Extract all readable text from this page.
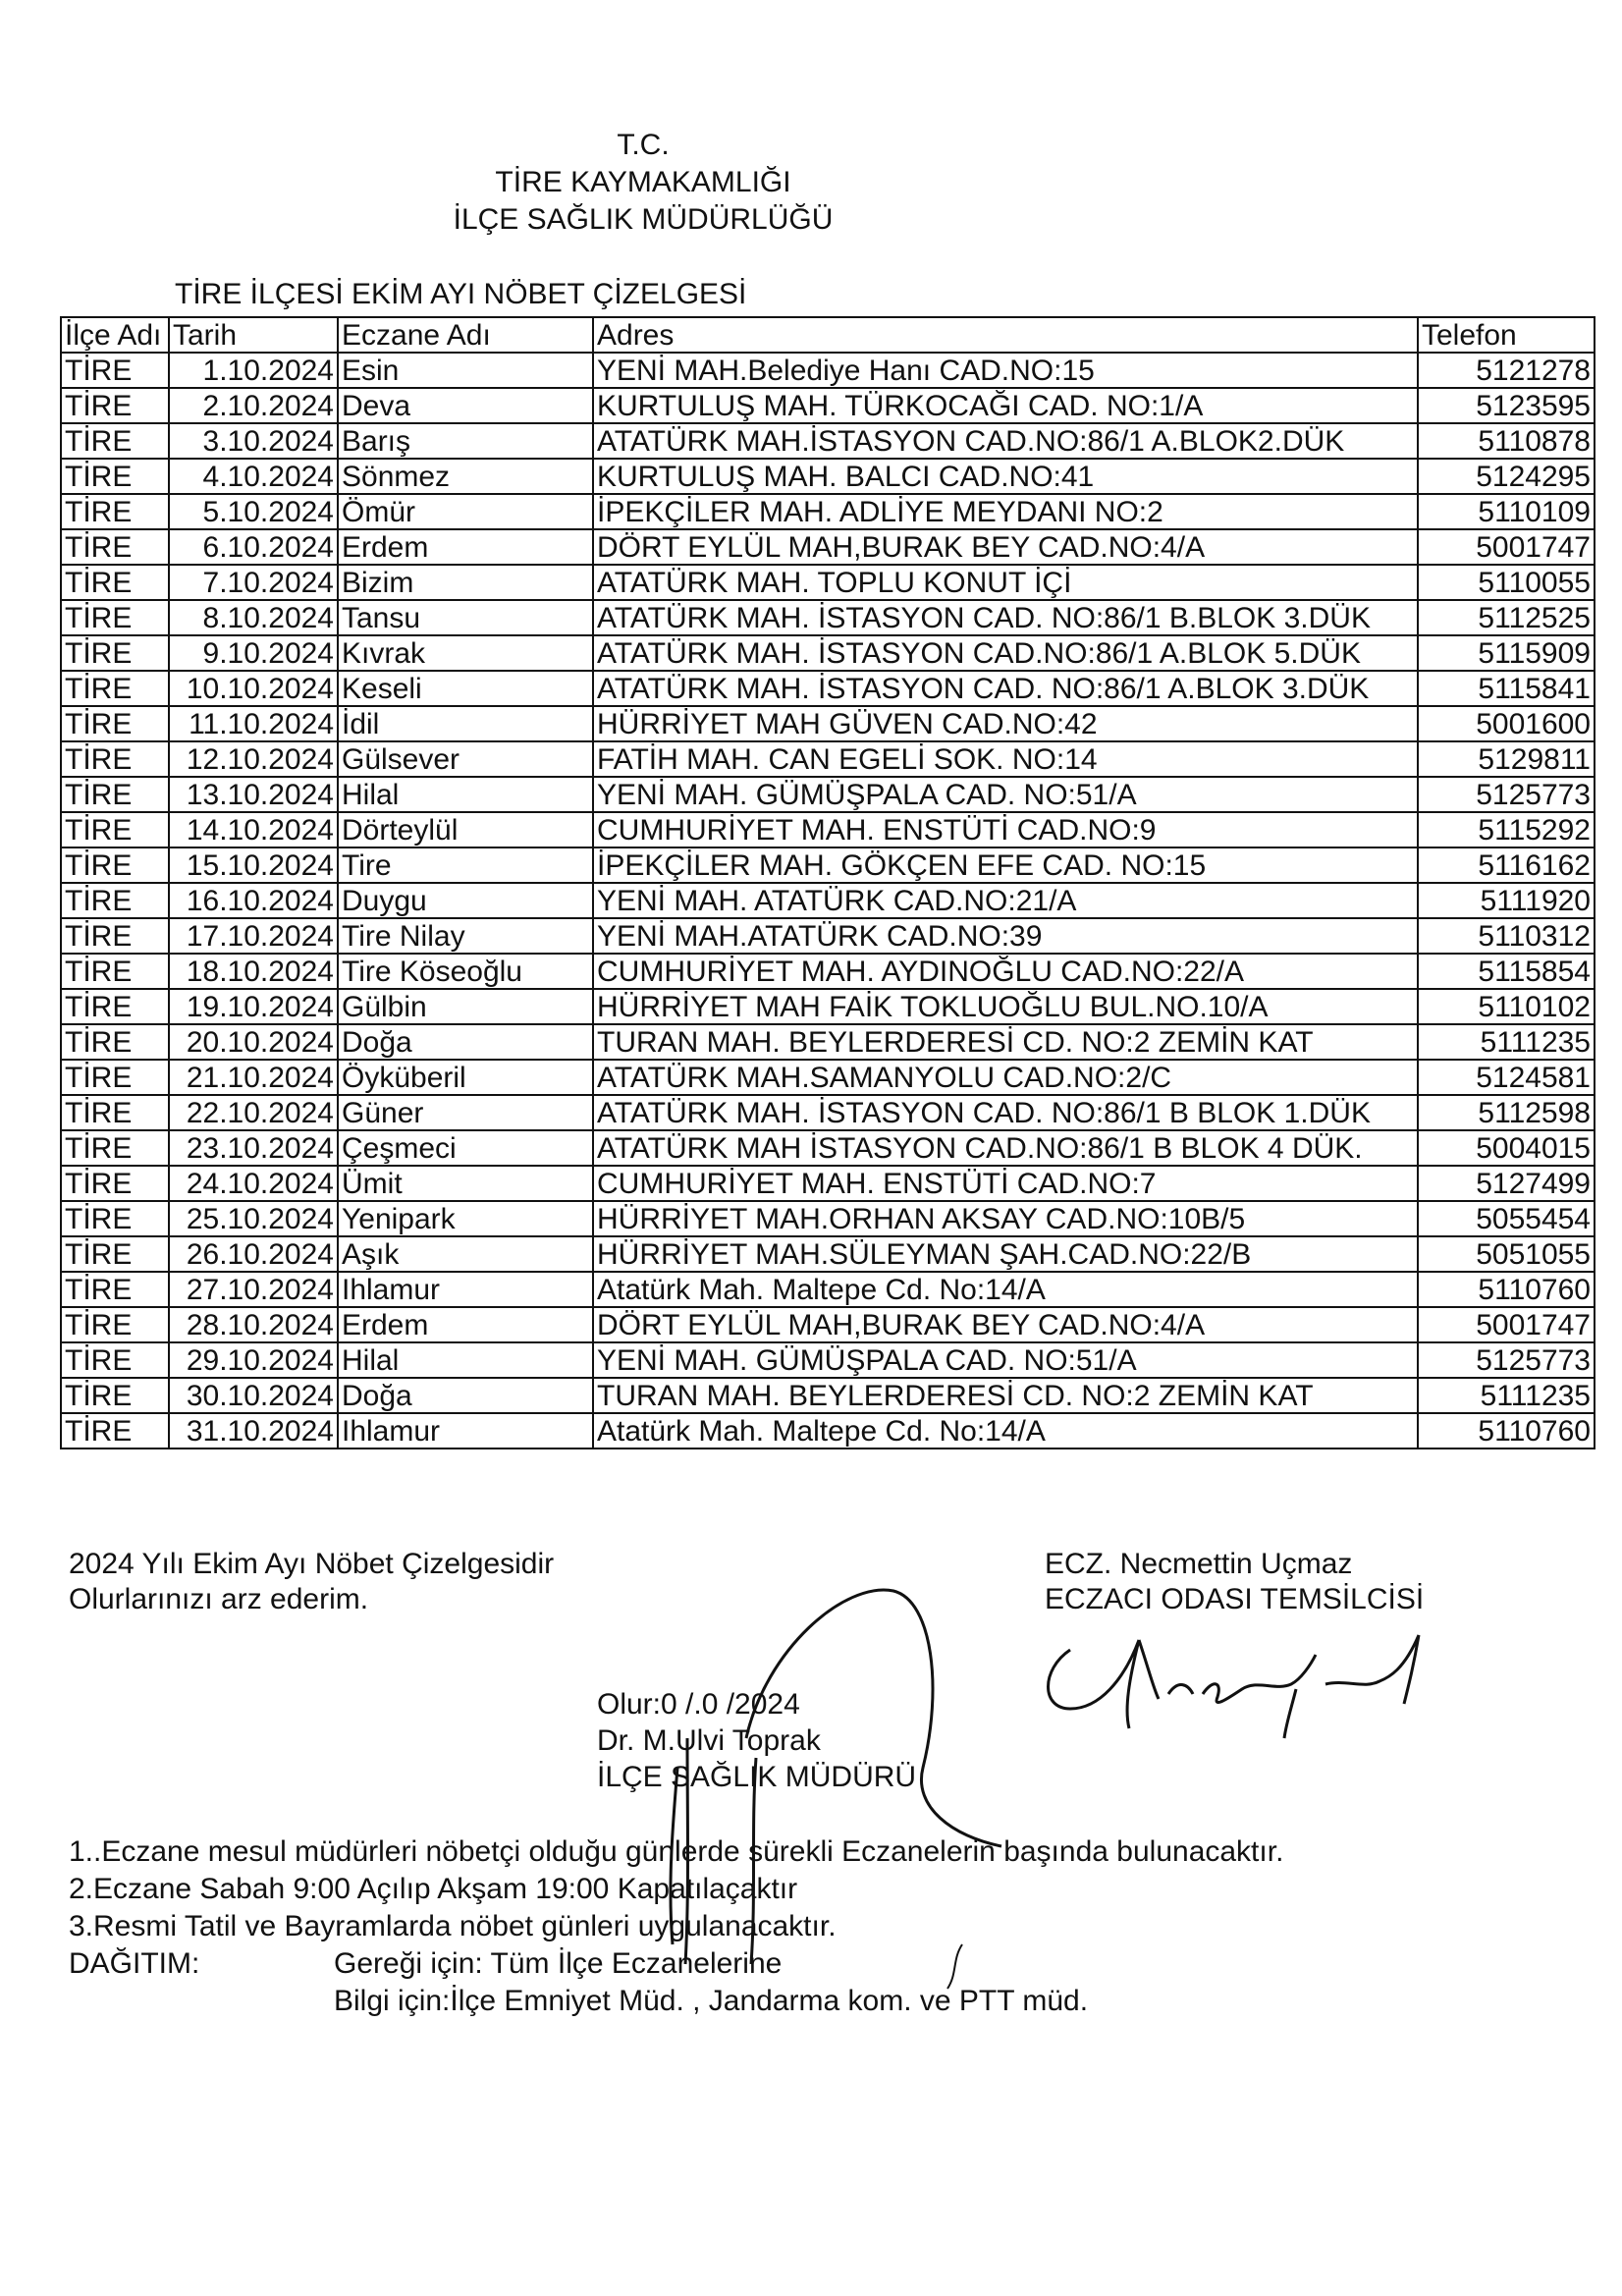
T.C.
TİRE KAYMAKAMLIĞI
İLÇE SAĞLIK MÜDÜRLÜĞÜ
TİRE İLÇESİ EKİM AYI NÖBET ÇİZELGESİ
İlçe Adı	Tarih	Eczane Adı	Adres	Telefon
TİRE	1.10.2024	Esin	YENİ MAH.Belediye Hanı CAD.NO:15	5121278
TİRE	2.10.2024	Deva	KURTULUŞ MAH. TÜRKOCAĞI CAD. NO:1/A	5123595
TİRE	3.10.2024	Barış	ATATÜRK MAH.İSTASYON CAD.NO:86/1 A.BLOK2.DÜK	5110878
TİRE	4.10.2024	Sönmez	KURTULUŞ MAH. BALCI CAD.NO:41	5124295
TİRE	5.10.2024	Ömür	İPEKÇİLER MAH. ADLİYE MEYDANI NO:2	5110109
TİRE	6.10.2024	Erdem	DÖRT EYLÜL MAH,BURAK BEY CAD.NO:4/A	5001747
TİRE	7.10.2024	Bizim	ATATÜRK MAH. TOPLU KONUT İÇİ	5110055
TİRE	8.10.2024	Tansu	ATATÜRK MAH. İSTASYON CAD. NO:86/1 B.BLOK 3.DÜK	5112525
TİRE	9.10.2024	Kıvrak	ATATÜRK MAH. İSTASYON CAD.NO:86/1 A.BLOK 5.DÜK	5115909
TİRE	10.10.2024	Keseli	ATATÜRK MAH. İSTASYON CAD. NO:86/1 A.BLOK 3.DÜK	5115841
TİRE	11.10.2024	İdil	HÜRRİYET MAH GÜVEN CAD.NO:42	5001600
TİRE	12.10.2024	Gülsever	FATİH MAH. CAN EGELİ SOK. NO:14	5129811
TİRE	13.10.2024	Hilal	YENİ MAH. GÜMÜŞPALA CAD. NO:51/A	5125773
TİRE	14.10.2024	Dörteylül	CUMHURİYET MAH. ENSTÜTİ CAD.NO:9	5115292
TİRE	15.10.2024	Tire	İPEKÇİLER MAH. GÖKÇEN EFE CAD. NO:15	5116162
TİRE	16.10.2024	Duygu	YENİ MAH. ATATÜRK CAD.NO:21/A	5111920
TİRE	17.10.2024	Tire Nilay	YENİ MAH.ATATÜRK CAD.NO:39	5110312
TİRE	18.10.2024	Tire Köseoğlu	CUMHURİYET MAH. AYDINOĞLU CAD.NO:22/A	5115854
TİRE	19.10.2024	Gülbin	HÜRRİYET MAH FAİK TOKLUOĞLU BUL.NO.10/A	5110102
TİRE	20.10.2024	Doğa	TURAN MAH. BEYLERDERESİ CD. NO:2 ZEMİN KAT	5111235
TİRE	21.10.2024	Öyküberil	ATATÜRK MAH.SAMANYOLU CAD.NO:2/C	5124581
TİRE	22.10.2024	Güner	ATATÜRK MAH. İSTASYON CAD. NO:86/1 B BLOK 1.DÜK	5112598
TİRE	23.10.2024	Çeşmeci	ATATÜRK MAH İSTASYON CAD.NO:86/1 B BLOK 4 DÜK.	5004015
TİRE	24.10.2024	Ümit	CUMHURİYET MAH. ENSTÜTİ CAD.NO:7	5127499
TİRE	25.10.2024	Yenipark	HÜRRİYET MAH.ORHAN AKSAY CAD.NO:10B/5	5055454
TİRE	26.10.2024	Aşık	HÜRRİYET MAH.SÜLEYMAN ŞAH.CAD.NO:22/B	5051055
TİRE	27.10.2024	Ihlamur	Atatürk Mah. Maltepe Cd. No:14/A	5110760
TİRE	28.10.2024	Erdem	DÖRT EYLÜL MAH,BURAK BEY CAD.NO:4/A	5001747
TİRE	29.10.2024	Hilal	YENİ MAH. GÜMÜŞPALA CAD. NO:51/A	5125773
TİRE	30.10.2024	Doğa	TURAN MAH. BEYLERDERESİ CD. NO:2 ZEMİN KAT	5111235
TİRE	31.10.2024	Ihlamur	Atatürk Mah. Maltepe Cd. No:14/A	5110760
2024 Yılı Ekim Ayı Nöbet Çizelgesidir
Olurlarınızı arz ederim.
ECZ. Necmettin Uçmaz
ECZACI ODASI TEMSİLCİSİ
Olur:0 /.0 /2024
Dr. M.Ulvi Toprak
İLÇE SAĞLIK MÜDÜRÜ
1..Eczane mesul müdürleri nöbetçi olduğu günlerde sürekli Eczanelerin başında bulunacaktır.
2.Eczane Sabah 9:00 Açılıp Akşam 19:00 Kapatılaçaktır
3.Resmi Tatil ve Bayramlarda nöbet günleri uygulanacaktır.
DAĞITIM:	Gereği için: Tüm İlçe Eczanelerine
Bilgi için:İlçe Emniyet Müd. , Jandarma kom. ve PTT müd.
